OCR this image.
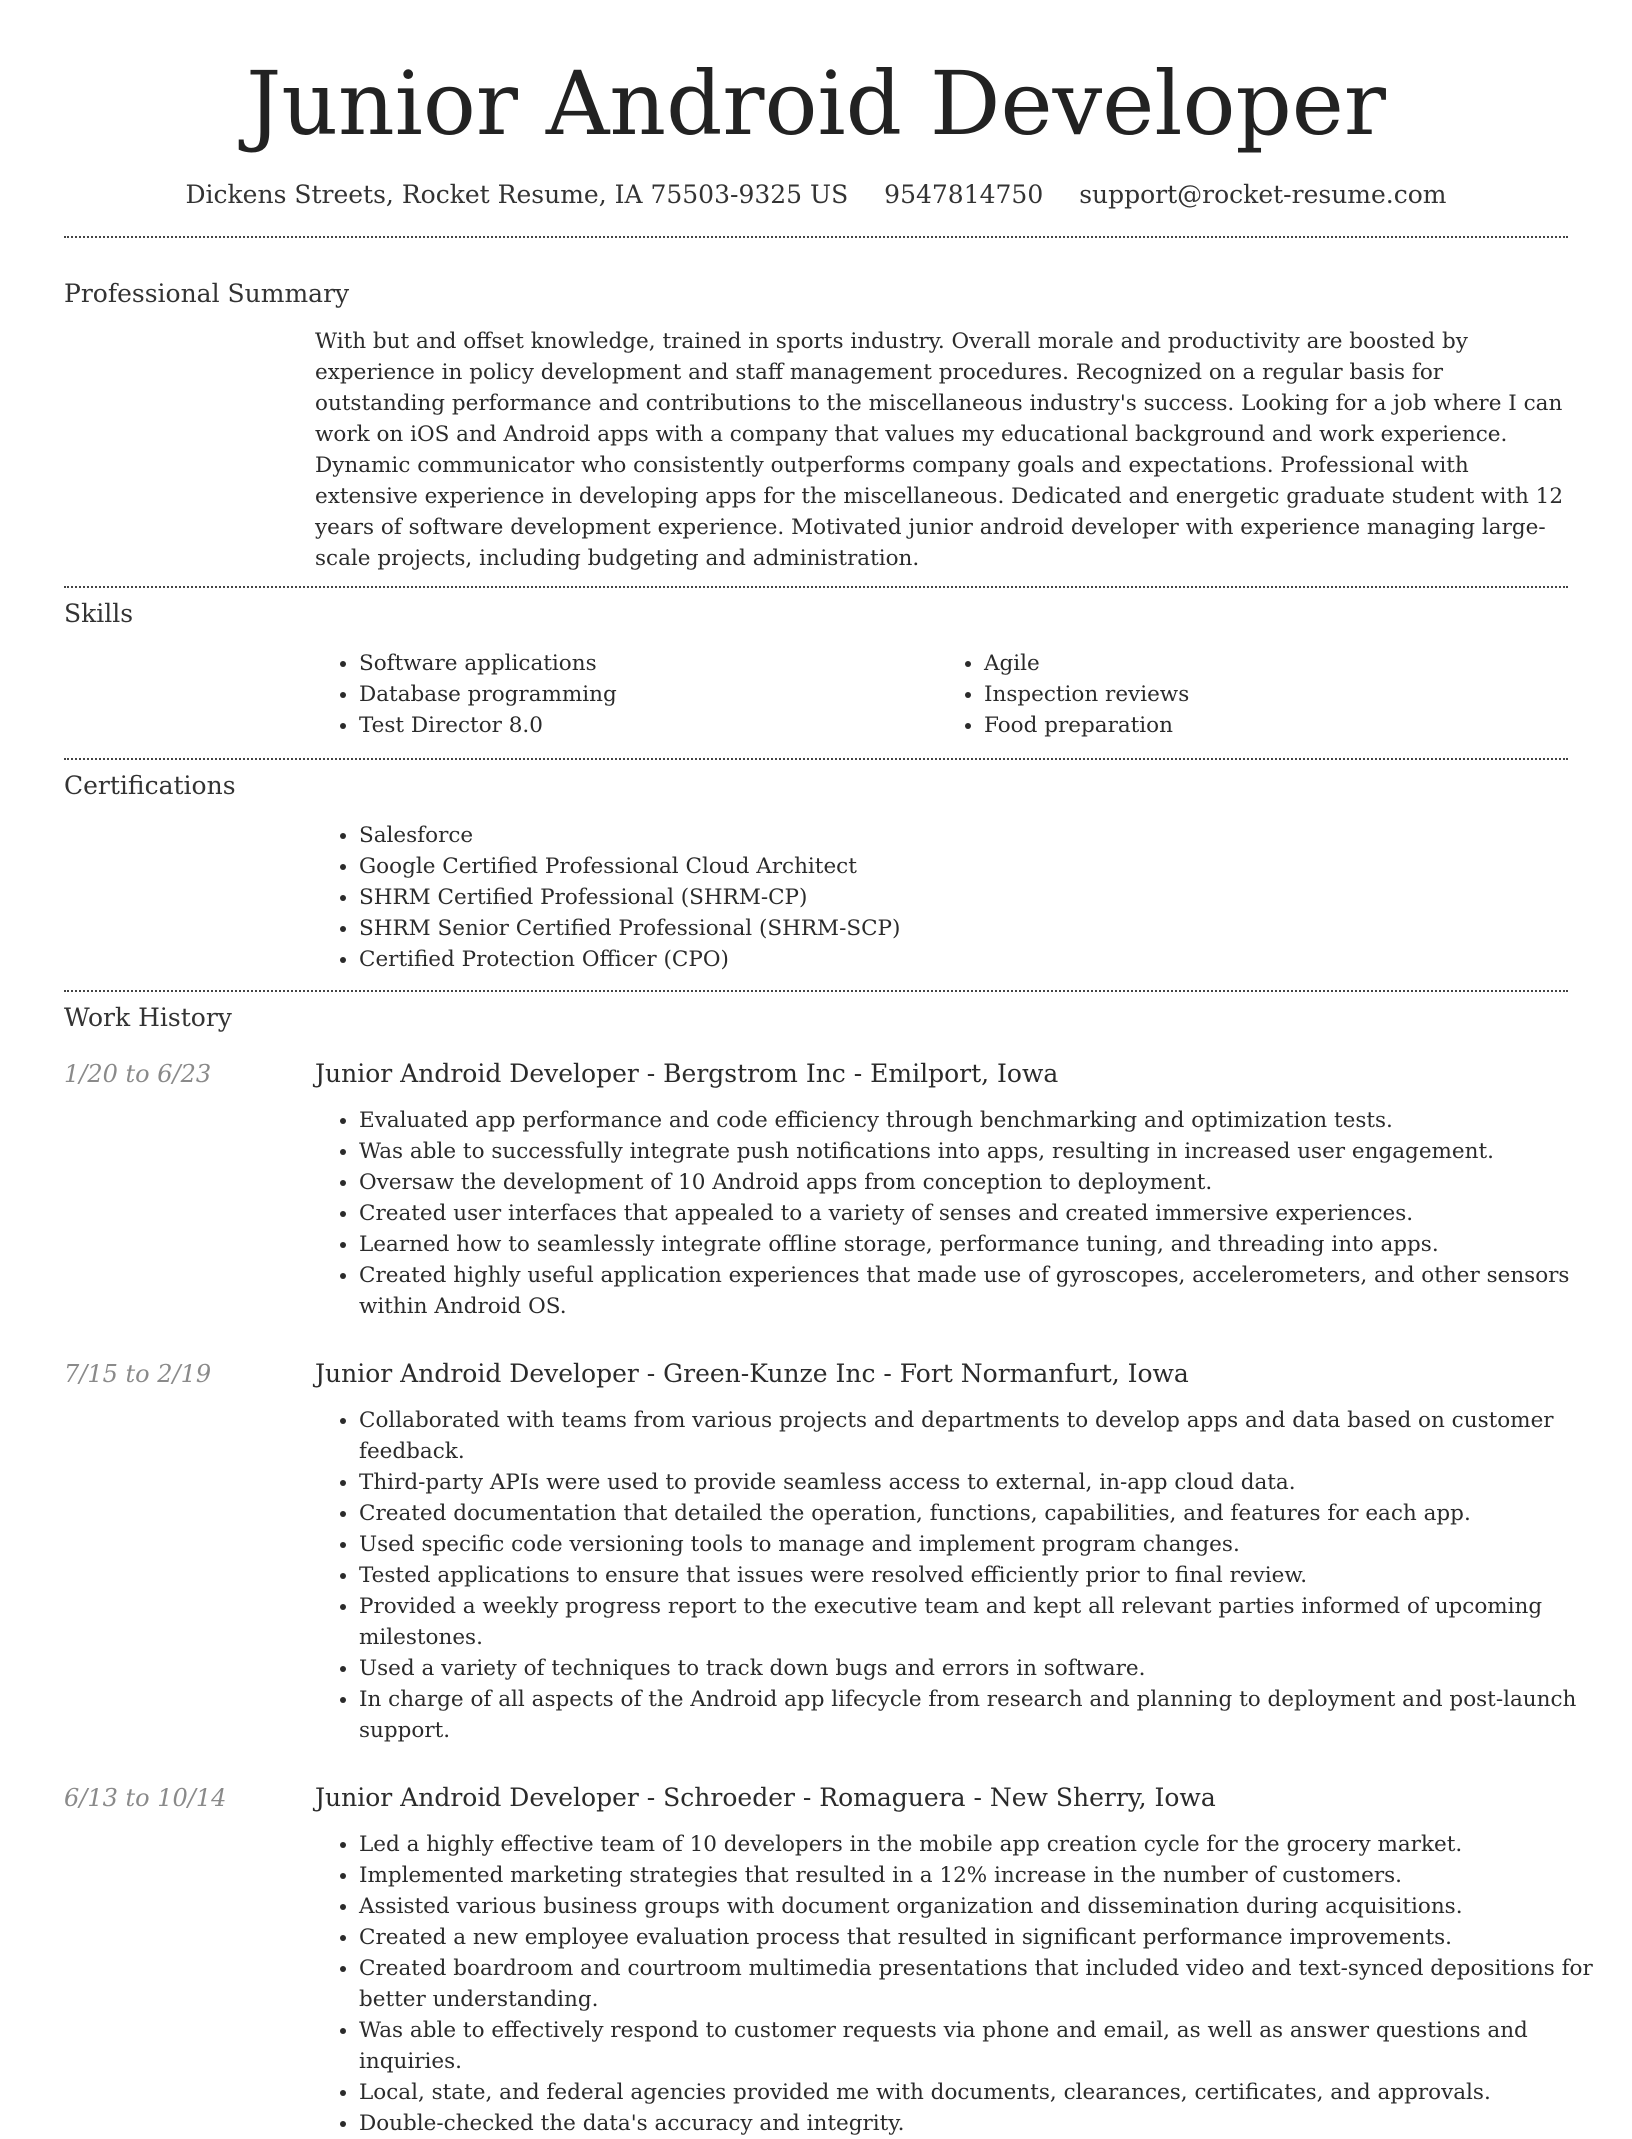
Junior Android Developer
Dickens Streets, Rocket Resume, IA 75503-9325 US 9547814750 support@rocket-resume.com
Professional Summary

With but and offset knowledge, trained in sports industry. Overall morale and productivity are boosted by experience in policy development and staff management procedures. Recognized on a regular basis for outstanding performance and contributions to the miscellaneous industry's success. Looking for a job where I can work on iOS and Android apps with a company that values my educational background and work experience. Dynamic communicator who consistently outperforms company goals and expectations. Professional with extensive experience in developing apps for the miscellaneous. Dedicated and energetic graduate student with 12 years of software development experience. Motivated junior android developer with experience managing large-scale projects, including budgeting and administration.

Skills
• Software applications
• Database programming
• Test Director 8.0
• Agile
• Inspection reviews
• Food preparation
Certifications
• Salesforce
• Google Certified Professional Cloud Architect
• SHRM Certified Professional (SHRM-CP)
• SHRM Senior Certified Professional (SHRM-SCP)
• Certified Protection Officer (CPO)
Work History
1/20 to 6/23	Junior Android Developer - Bergstrom Inc - Emilport, Iowa
• Evaluated app performance and code efficiency through benchmarking and optimization tests.
• Was able to successfully integrate push notifications into apps, resulting in increased user engagement.
• Oversaw the development of 10 Android apps from conception to deployment.
• Created user interfaces that appealed to a variety of senses and created immersive experiences.
• Learned how to seamlessly integrate offline storage, performance tuning, and threading into apps.
• Created highly useful application experiences that made use of gyroscopes, accelerometers, and other sensors within Android OS.
7/15 to 2/19	Junior Android Developer - Green-Kunze Inc - Fort Normanfurt, Iowa
• Collaborated with teams from various projects and departments to develop apps and data based on customer feedback.
• Third-party APIs were used to provide seamless access to external, in-app cloud data.
• Created documentation that detailed the operation, functions, capabilities, and features for each app.
• Used specific code versioning tools to manage and implement program changes.
• Tested applications to ensure that issues were resolved efficiently prior to final review.
• Provided a weekly progress report to the executive team and kept all relevant parties informed of upcoming milestones.
• Used a variety of techniques to track down bugs and errors in software.
• In charge of all aspects of the Android app lifecycle from research and planning to deployment and post-launch support.
6/13 to 10/14	Junior Android Developer - Schroeder - Romaguera - New Sherry, Iowa
• Led a highly effective team of 10 developers in the mobile app creation cycle for the grocery market.
• Implemented marketing strategies that resulted in a 12% increase in the number of customers.
• Assisted various business groups with document organization and dissemination during acquisitions.
• Created a new employee evaluation process that resulted in significant performance improvements.
• Created boardroom and courtroom multimedia presentations that included video and text-synced depositions for better understanding.
• Was able to effectively respond to customer requests via phone and email, as well as answer questions and inquiries.
• Local, state, and federal agencies provided me with documents, clearances, certificates, and approvals.
• Double-checked the data's accuracy and integrity.
